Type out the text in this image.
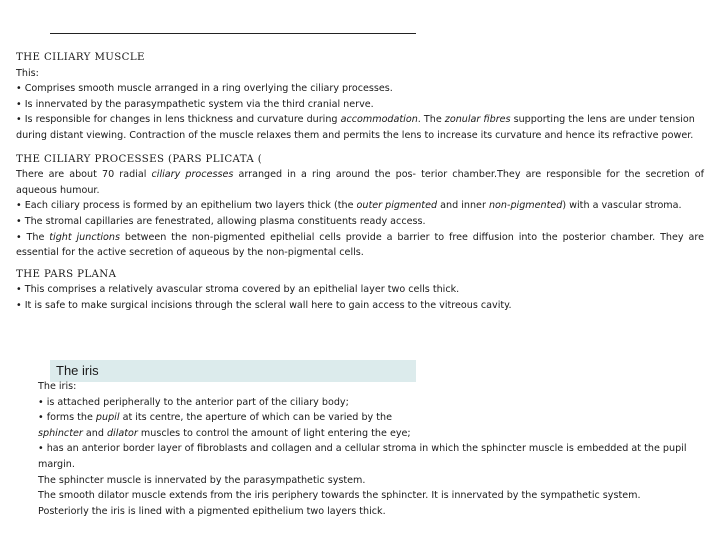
THE CILIARY MUSCLE

This:

• Comprises smooth muscle arranged in a ring overlying the ciliary processes.

• Is innervated by the parasympathetic system via the third cranial nerve.

• Is responsible for changes in lens thickness and curvature during accommodation. The zonular fibres supporting the lens are under tension during distant viewing. Contraction of the muscle relaxes them and permits the lens to increase its curvature and hence its refractive power.

THE CILIARY PROCESSES (PARS PLICATA (

There are about 70 radial ciliary processes arranged in a ring around the pos- terior chamber.They are responsible for the secretion of aqueous humour.

• Each ciliary process is formed by an epithelium two layers thick (the outer pigmented and inner non-pigmented) with a vascular stroma.

• The stromal capillaries are fenestrated, allowing plasma constituents ready access.

• The tight junctions between the non-pigmented epithelial cells provide a barrier to free diffusion into the posterior chamber. They are essential for the active secretion of aqueous by the non-pigmental cells.

THE PARS PLANA

• This comprises a relatively avascular stroma covered by an epithelial layer two cells thick.

• It is safe to make surgical incisions through the scleral wall here to gain access to the vitreous cavity.

The iris

The iris:

• is attached peripherally to the anterior part of the ciliary body;

• forms the pupil at its centre, the aperture of which can be varied by the

sphincter and dilator muscles to control the amount of light entering the eye;

• has an anterior border layer of fibroblasts and collagen and a cellular stroma in which the sphincter muscle is embedded at the pupil margin.

The sphincter muscle is innervated by the parasympathetic system.

The smooth dilator muscle extends from the iris periphery towards the sphincter. It is innervated by the sympathetic system.

Posteriorly the iris is lined with a pigmented epithelium two layers thick.
